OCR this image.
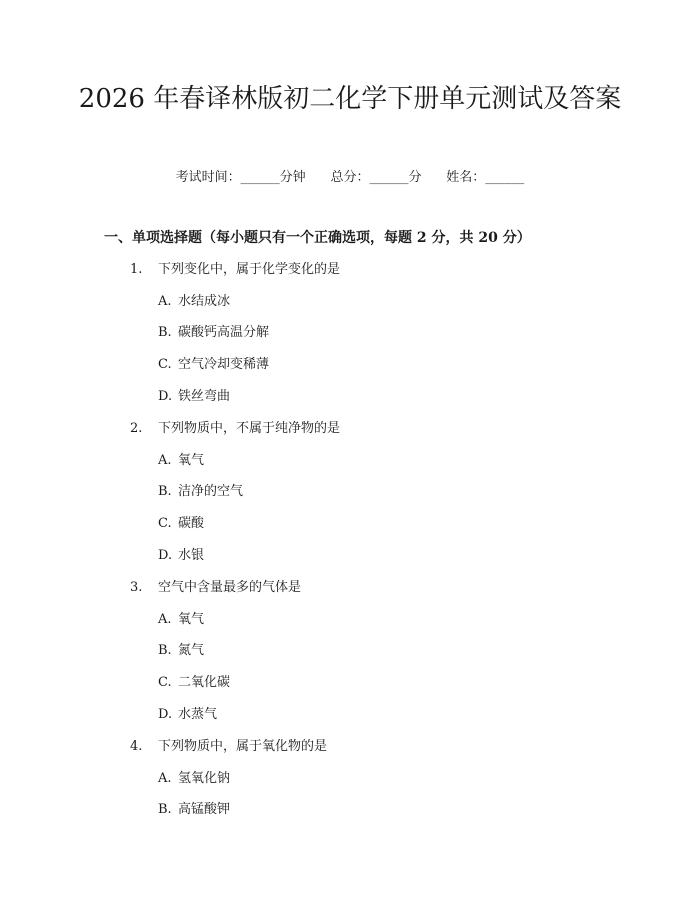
2026 年春译林版初二化学下册单元测试及答案
考试时间：______分钟 总分：______分 姓名：______
一、单项选择题（每小题只有一个正确选项，每题 2 分，共 20 分）
1. 下列变化中，属于化学变化的是
A. 水结成冰
B. 碳酸钙高温分解
C. 空气冷却变稀薄
D. 铁丝弯曲
2. 下列物质中，不属于纯净物的是
A. 氧气
B. 洁净的空气
C. 碳酸
D. 水银
3. 空气中含量最多的气体是
A. 氧气
B. 氮气
C. 二氧化碳
D. 水蒸气
4. 下列物质中，属于氧化物的是
A. 氢氧化钠
B. 高锰酸钾
